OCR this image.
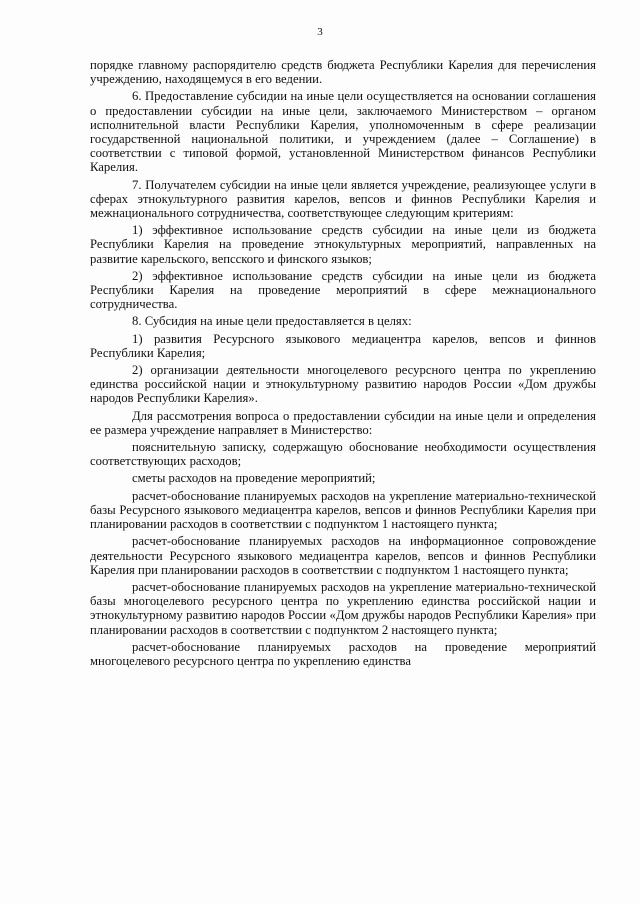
3

порядке главному распорядителю средств бюджета Республики Карелия для перечисления учреждению, находящемуся в его ведении.

6. Предоставление субсидии на иные цели осуществляется на основании соглашения о предоставлении субсидии на иные цели, заключаемого Министерством – органом исполнительной власти Республики Карелия, уполномоченным в сфере реализации государственной национальной политики, и учреждением (далее – Соглашение) в соответствии с типовой формой, установленной Министерством финансов Республики Карелия.

7. Получателем субсидии на иные цели является учреждение, реализующее услуги в сферах этнокультурного развития карелов, вепсов и финнов Республики Карелия и межнационального сотрудничества, соответствующее следующим критериям:

1) эффективное использование средств субсидии на иные цели из бюджета Республики Карелия на проведение этнокультурных мероприятий, направленных на развитие карельского, вепсского и финского языков;

2) эффективное использование средств субсидии на иные цели из бюджета Республики Карелия на проведение мероприятий в сфере межнационального сотрудничества.

8. Субсидия на иные цели предоставляется в целях:

1) развития Ресурсного языкового медиацентра карелов, вепсов и финнов Республики Карелия;

2) организации деятельности многоцелевого ресурсного центра по укреплению единства российской нации и этнокультурному развитию народов России «Дом дружбы народов Республики Карелия».

Для рассмотрения вопроса о предоставлении субсидии на иные цели и определения ее размера учреждение направляет в Министерство:

пояснительную записку, содержащую обоснование необходимости осуществления соответствующих расходов;

сметы расходов на проведение мероприятий;

расчет-обоснование планируемых расходов на укрепление материально-технической базы Ресурсного языкового медиацентра карелов, вепсов и финнов Республики Карелия при планировании расходов в соответствии с подпунктом 1 настоящего пункта;

расчет-обоснование планируемых расходов на информационное сопровождение деятельности Ресурсного языкового медиацентра карелов, вепсов и финнов Республики Карелия при планировании расходов в соответствии с подпунктом 1 настоящего пункта;

расчет-обоснование планируемых расходов на укрепление материально-технической базы многоцелевого ресурсного центра по укреплению единства российской нации и этнокультурному развитию народов России «Дом дружбы народов Республики Карелия» при планировании расходов в соответствии с подпунктом 2 настоящего пункта;

расчет-обоснование планируемых расходов на проведение мероприятий многоцелевого ресурсного центра по укреплению единства
